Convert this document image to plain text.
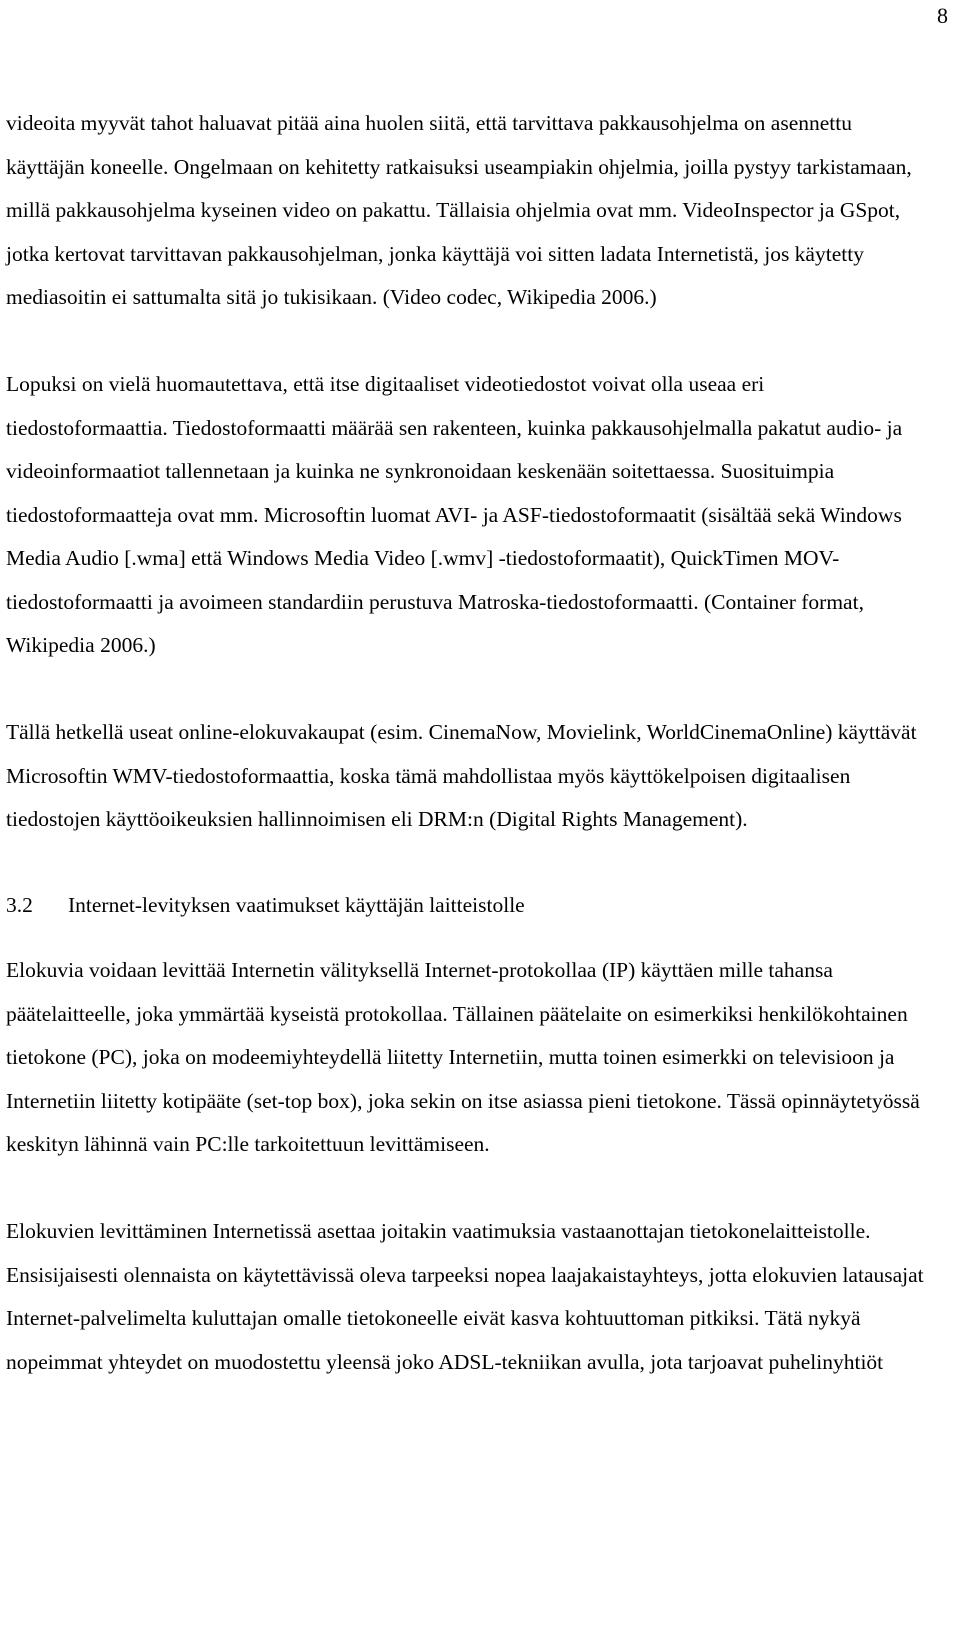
8

videoita myyvät tahot haluavat pitää aina huolen siitä, että tarvittava pakkausohjelma on asennettu käyttäjän koneelle. Ongelmaan on kehitetty ratkaisuksi useampiakin ohjelmia, joilla pystyy tarkistamaan, millä pakkausohjelma kyseinen video on pakattu. Tällaisia ohjelmia ovat mm. VideoInspector ja GSpot, jotka kertovat tarvittavan pakkausohjelman, jonka käyttäjä voi sitten ladata Internetistä, jos käytetty mediasoitin ei sattumalta sitä jo tukisikaan. (Video codec, Wikipedia 2006.)

Lopuksi on vielä huomautettava, että itse digitaaliset videotiedostot voivat olla useaa eri tiedostoformaattia. Tiedostoformaatti määrää sen rakenteen, kuinka pakkausohjelmalla pakatut audio- ja videoinformaatiot tallennetaan ja kuinka ne synkronoidaan keskenään soitettaessa. Suosituimpia tiedostoformaatteja ovat mm. Microsoftin luomat AVI- ja ASF-tiedostoformaatit (sisältää sekä Windows Media Audio [.wma] että Windows Media Video [.wmv] -tiedostoformaatit), QuickTimen MOV-tiedostoformaatti ja avoimeen standardiin perustuva Matroska-tiedostoformaatti. (Container format, Wikipedia 2006.)

Tällä hetkellä useat online-elokuvakaupat (esim. CinemaNow, Movielink, WorldCinemaOnline) käyttävät Microsoftin WMV-tiedostoformaattia, koska tämä mahdollistaa myös käyttökelpoisen digitaalisen tiedostojen käyttöoikeuksien hallinnoimisen eli DRM:n (Digital Rights Management).

3.2	Internet-levityksen vaatimukset käyttäjän laitteistolle

Elokuvia voidaan levittää Internetin välityksellä Internet-protokollaa (IP) käyttäen mille tahansa päätelaitteelle, joka ymmärtää kyseistä protokollaa. Tällainen päätelaite on esimerkiksi henkilökohtainen tietokone (PC), joka on modeemiyhteydellä liitetty Internetiin, mutta toinen esimerkki on televisioon ja Internetiin liitetty kotipääte (set-top box), joka sekin on itse asiassa pieni tietokone. Tässä opinnäytetyössä keskityn lähinnä vain PC:lle tarkoitettuun levittämiseen.

Elokuvien levittäminen Internetissä asettaa joitakin vaatimuksia vastaanottajan tietokonelaitteistolle. Ensisijaisesti olennaista on käytettävissä oleva tarpeeksi nopea laajakaistayhteys, jotta elokuvien latausajat Internet-palvelimelta kuluttajan omalle tietokoneelle eivät kasva kohtuuttoman pitkiksi. Tätä nykyä nopeimmat yhteydet on muodostettu yleensä joko ADSL-tekniikan avulla, jota tarjoavat puhelinyhtiöt
